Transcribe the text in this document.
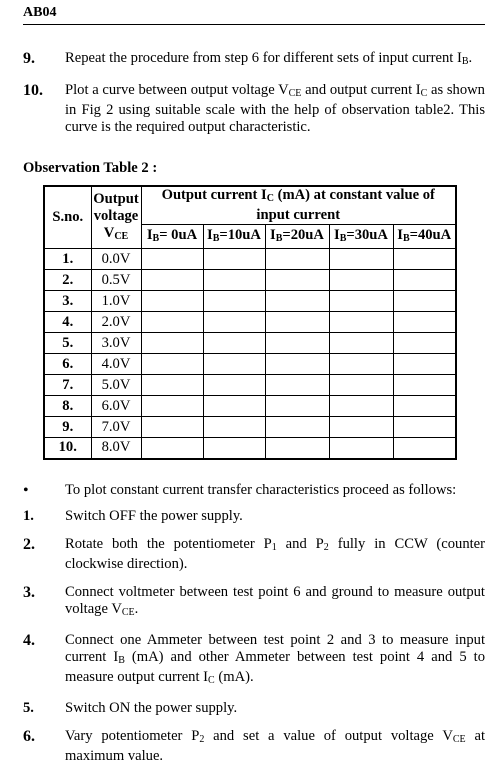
AB04
9. Repeat the procedure from step 6 for different sets of input current $I_B$.
10. Plot a curve between output voltage $V_{CE}$ and output current $I_C$ as shown in Fig 2 using suitable scale with the help of observation table2. This curve is the required output characteristic.
Observation Table 2 :
S.no.	Output
voltage
$V_{CE}$	Output current $I_C$ (mA) at constant value of input current				
		$I_B= 0uA$	$I_B=10uA$	$I_B=20uA$	$I_B=30uA$	$I_B=40uA$
1.	0.0V					
2.	0.5V					
3.	1.0V					
4.	2.0V					
5.	3.0V					
6.	4.0V					
7.	5.0V					
8.	6.0V					
9.	7.0V					
10.	8.0V					
• To plot constant current transfer characteristics proceed as follows:
1. Switch OFF the power supply.
2. Rotate both the potentiometer $P_1$ and $P_2$ fully in CCW (counter clockwise direction).
3. Connect voltmeter between test point 6 and ground to measure output voltage $V_{CE}$.
4. Connect one Ammeter between test point 2 and 3 to measure input current $I_B$ (mA) and other Ammeter between test point 4 and 5 to measure output current $I_C$ (mA).
5. Switch ON the power supply.
6. Vary potentiometer $P_2$ and set a value of output voltage $V_{CE}$ at maximum value.
